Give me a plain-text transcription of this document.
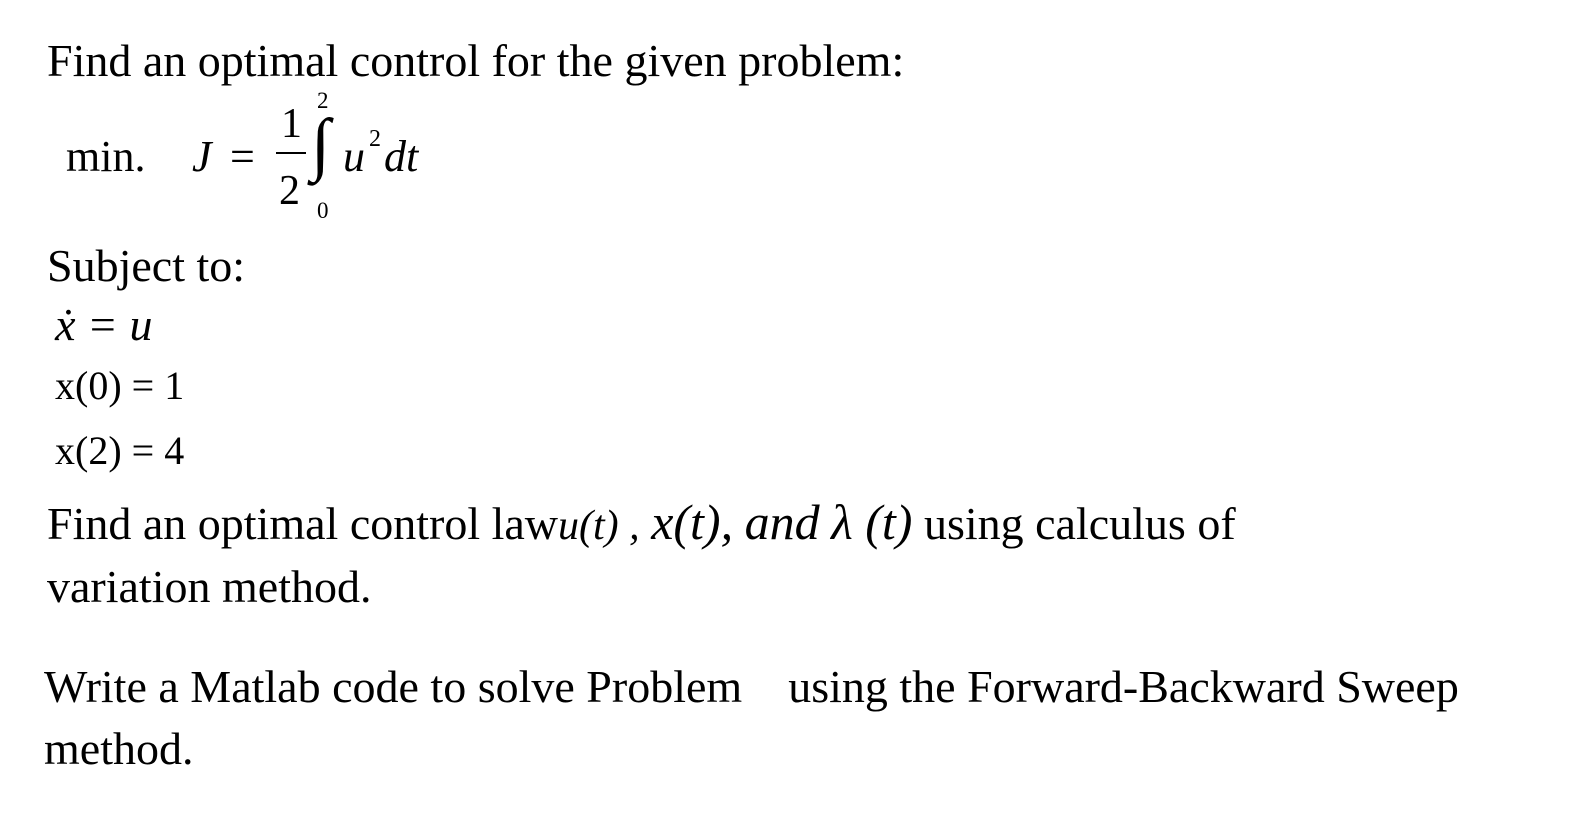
Find an optimal control for the given problem:
min. J =
1
2
2
∫
0
u 2 dt
Subject to:
ẋ = u
x(0) = 1
x(2) = 4
Find an optimal control lawu(t) , x(t), and λ (t) using calculus of
variation method.
Write a Matlab code to solve Problem using the Forward-Backward Sweep
method.
